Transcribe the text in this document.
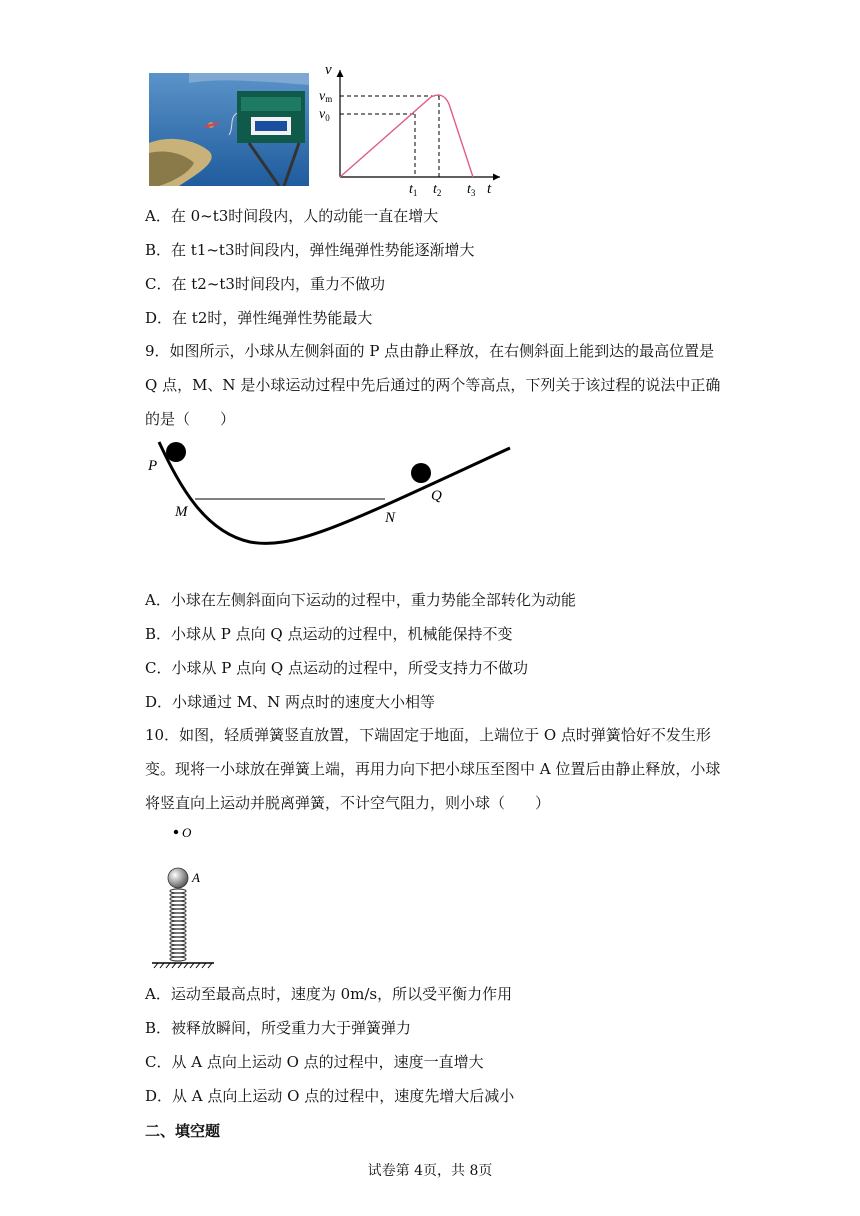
v
vm
$v_0$
$t_1$ $t_2$ $t_3$ t
A．在 0~t3时间段内，人的动能一直在增大
B．在 t1~t3时间段内，弹性绳弹性势能逐渐增大
C．在 t2~t3时间段内，重力不做功
D．在 t2时，弹性绳弹性势能最大
9．如图所示，小球从左侧斜面的 P 点由静止释放，在右侧斜面上能到达的最高位置是 Q 点，M、N 是小球运动过程中先后通过的两个等高点，下列关于该过程的说法中正确的是（　　）
P
M	N
Q
A．小球在左侧斜面向下运动的过程中，重力势能全部转化为动能
B．小球从 P 点向 Q 点运动的过程中，机械能保持不变
C．小球从 P 点向 Q 点运动的过程中，所受支持力不做功
D．小球通过 M、N 两点时的速度大小相等
10．如图，轻质弹簧竖直放置，下端固定于地面，上端位于 O 点时弹簧恰好不发生形变。现将一小球放在弹簧上端，再用力向下把小球压至图中 A 位置后由静止释放，小球将竖直向上运动并脱离弹簧，不计空气阻力，则小球（　　）
O
A
A．运动至最高点时，速度为 0m/s，所以受平衡力作用
B．被释放瞬间，所受重力大于弹簧弹力
C．从 A 点向上运动 O 点的过程中，速度一直增大
D．从 A 点向上运动 O 点的过程中，速度先增大后减小
二、填空题
试卷第 4页，共 8页
